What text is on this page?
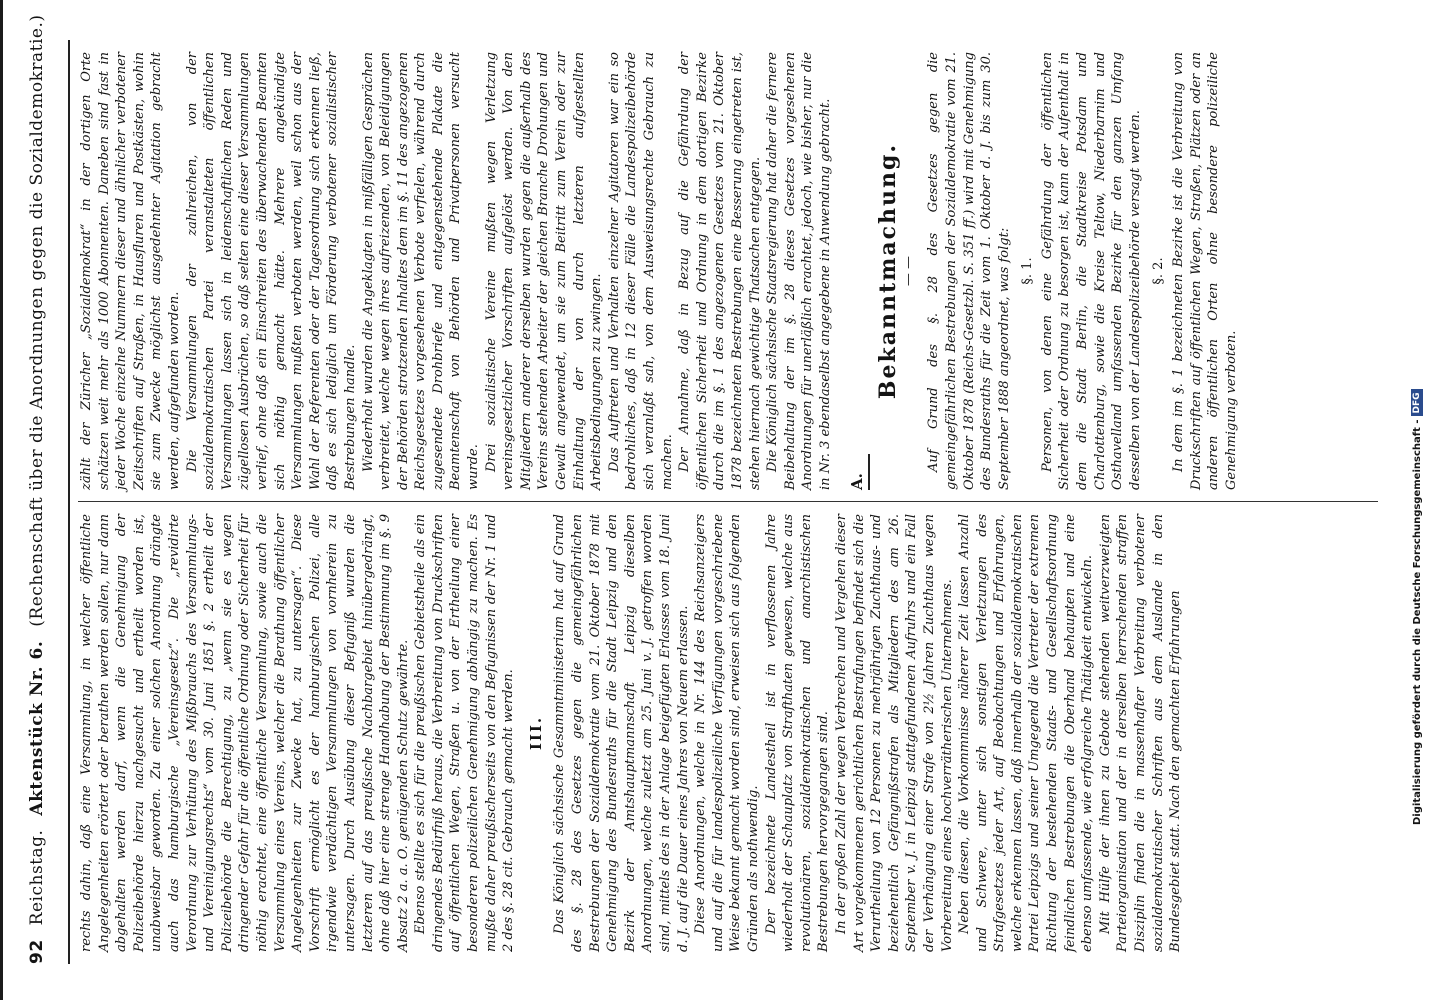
92
Reichstag.
Aktenstück Nr. 6.
(Rechenschaft über die Anordnungen gegen die Sozialdemokratie.)

rechts dahin, daß eine Versammlung, in welcher öffentliche Angelegenheiten erörtert oder berathen werden sollen, nur dann abgehalten werden darf, wenn die Genehmigung der Polizeibehörde hierzu nachgesucht und ertheilt worden ist, unabweisbar geworden. Zu einer solchen Anordnung drängte auch das hamburgische „Vereinsgesetz“. Die „revidirte Verordnung zur Verhütung des Mißbrauchs des Versammlungs- und Vereinigungsrechts“ vom 30. Juni 1851 §. 2 ertheilt der Polizeibehörde die Berechtigung, zu „wenn sie es wegen dringender Gefahr für die öffentliche Ordnung oder Sicherheit für nöthig erachtet, eine öffentliche Versammlung, sowie auch die Versammlung eines Vereins, welcher die Berathung öffentlicher Angelegenheiten zur Zwecke hat, zu untersagen“. Diese Vorschrift ermöglicht es der hamburgischen Polizei, alle irgendwie verdächtigen Versammlungen von vornherein zu untersagen. Durch Ausübung dieser Befugniß wurden die letzteren auf das preußische Nachbargebiet hinübergedrängt, ohne daß hier eine strenge Handhabung der Bestimmung im §. 9 Absatz 2 a. a. O. genügenden Schutz gewährte. Ebenso stellte es sich für die preußischen Gebietstheile als ein dringendes Bedürfniß heraus, die Verbreitung von Druckschriften auf öffentlichen Wegen, Straßen u. von der Ertheilung einer besonderen polizeilichen Genehmigung abhängig zu machen. Es mußte daher preußischerseits von den Befugnissen der Nr. 1 und 2 des §. 28 cit. Gebrauch gemacht werden. III. Das Königlich sächsische Gesammtministerium hat auf Grund des §. 28 des Gesetzes gegen die gemeingefährlichen Bestrebungen der Sozialdemokratie vom 21. Oktober 1878 mit Genehmigung des Bundesraths für die Stadt Leipzig und den Bezirk der Amtshauptmannschaft Leipzig dieselben Anordnungen, welche zuletzt am 25. Juni v. J. getroffen worden sind, mittels des in der Anlage beigefügten Erlasses vom 18. Juni d. J. auf die Dauer eines Jahres von Neuem erlassen. Diese Anordnungen, welche in Nr. 144 des Reichsanzeigers und auf die für landespolizeiliche Verfügungen vorgeschriebene Weise bekannt gemacht worden sind, erweisen sich aus folgenden Gründen als nothwendig. Der bezeichnete Landestheil ist in verflossenen Jahre wiederholt der Schauplatz von Strafthaten gewesen, welche aus revolutionären, sozialdemokratischen und anarchistischen Bestrebungen hervorgegangen sind. In der großen Zahl der wegen Verbrechen und Vergehen dieser Art vorgekommenen gerichtlichen Bestrafungen befindet sich die Verurtheilung von 12 Personen zu mehrjährigen Zuchthaus- und beziehentlich Gefängnißstrafen als Mitgliedern des am 26. September v. J. in Leipzig stattgefundenen Aufruhrs und ein Fall der Verhängung einer Strafe von 2½ Jahren Zuchthaus wegen Vorbereitung eines hochverrätherischen Unternehmens. Neben diesen, die Vorkommnisse näherer Zeit lassen Anzahl und Schwere, unter sich sonstigen Verletzungen des Strafgesetzes jeder Art, auf Beobachtungen und Erfahrungen, welche erkennen lassen, daß innerhalb der sozialdemokratischen Partei Leipzigs und seiner Umgegend die Vertreter der extremen Richtung der bestehenden Staats- und Gesellschaftsordnung feindlichen Bestrebungen die Oberhand behaupten und eine ebenso umfassende, wie erfolgreiche Thätigkeit entwickeln. Mit Hülfe der ihnen zu Gebote stehenden weitverzweigten Parteiorganisation und der in derselben herrschenden straffen Disziplin finden die in massenhafter Verbreitung verbotener sozialdemokratischer Schriften aus dem Auslande in den Bundesgebiet statt. Nach den gemachten Erfahrungen

zählt der Züricher „Sozialdemokrat“ in der dortigen Orte schätzen weit mehr als 1000 Abonnenten. Daneben sind fast in jeder Woche einzelne Nummern dieser und ähnlicher verbotener Zeitschriften auf Straßen, in Hausfluren und Postkästen, wohin sie zum Zwecke möglichst ausgedehnter Agitation gebracht werden, aufgefunden worden. Die Versammlungen der zahlreichen, von der sozialdemokratischen Partei veranstalteten öffentlichen Versammlungen lassen sich in leidenschaftlichen Reden und zügellosen Ausbrüchen, so daß selten eine dieser Versammlungen verlief, ohne daß ein Einschreiten des überwachenden Beamten sich nöthig gemacht hätte. Mehrere angekündigte Versammlungen mußten verboten werden, weil schon aus der Wahl der Referenten oder der Tagesordnung sich erkennen ließ, daß es sich lediglich um Förderung verbotener sozialistischer Bestrebungen handle. Wiederholt wurden die Angeklagten in mißfälligen Gesprächen verbreitet, welche wegen ihres aufreizenden, von Beleidigungen der Behörden strotzenden Inhaltes dem im §. 11 des angezogenen Reichsgesetzes vorgesehenen Verbote verfielen, während durch zugesendete Drohbriefe und entgegenstehende Plakate die Beamtenschaft von Behörden und Privatpersonen versucht wurde. Drei sozialistische Vereine mußten wegen Verletzung vereinsgesetzlicher Vorschriften aufgelöst werden. Von den Mitgliedern anderer derselben wurden gegen die außerhalb des Vereins stehenden Arbeiter der gleichen Branche Drohungen und Gewalt angewendet, um sie zum Beitritt zum Verein oder zur Einhaltung der von durch letzteren aufgestellten Arbeitsbedingungen zu zwingen. Das Auftreten und Verhalten einzelner Agitatoren war ein so bedrohliches, daß in 12 dieser Fälle die Landespolizeibehörde sich veranlaßt sah, von dem Ausweisungsrechte Gebrauch zu machen. Der Annahme, daß in Bezug auf die Gefährdung der öffentlichen Sicherheit und Ordnung in dem dortigen Bezirke durch die im §. 1 des angezogenen Gesetzes vom 21. Oktober 1878 bezeichneten Bestrebungen eine Besserung eingetreten ist, stehen hiernach gewichtige Thatsachen entgegen. Die Königlich sächsische Staatsregierung hat daher die fernere Beibehaltung der im §. 28 dieses Gesetzes vorgesehenen Anordnungen für unerläßlich erachtet, jedoch, wie bisher, nur die in Nr. 3 ebendaselbst angegebene in Anwendung gebracht. A.
Bekanntmachung. — — Auf Grund des §. 28 des Gesetzes gegen die gemeingefährlichen Bestrebungen der Sozialdemokratie vom 21. Oktober 1878 (Reichs-Gesetzbl. S. 351 ff.) wird mit Genehmigung des Bundesraths für die Zeit vom 1. Oktober d. J. bis zum 30. September 1888 angeordnet, was folgt: §. 1. Personen, von denen eine Gefährdung der öffentlichen Sicherheit oder Ordnung zu besorgen ist, kann der Aufenthalt in dem die Stadt Berlin, die Stadtkreise Potsdam und Charlottenburg, sowie die Kreise Teltow, Niederbarnim und Osthavelland umfassenden Bezirke für den ganzen Umfang desselben von der Landespolizeibehörde versagt werden. §. 2. In dem im §. 1 bezeichneten Bezirke ist die Verbreitung von Druckschriften auf öffentlichen Wegen, Straßen, Plätzen oder an anderen öffentlichen Orten ohne besondere polizeiliche Genehmigung verboten.

Digitalisierung gefördert durch die Deutsche Forschungsgemeinschaft -
DFG
